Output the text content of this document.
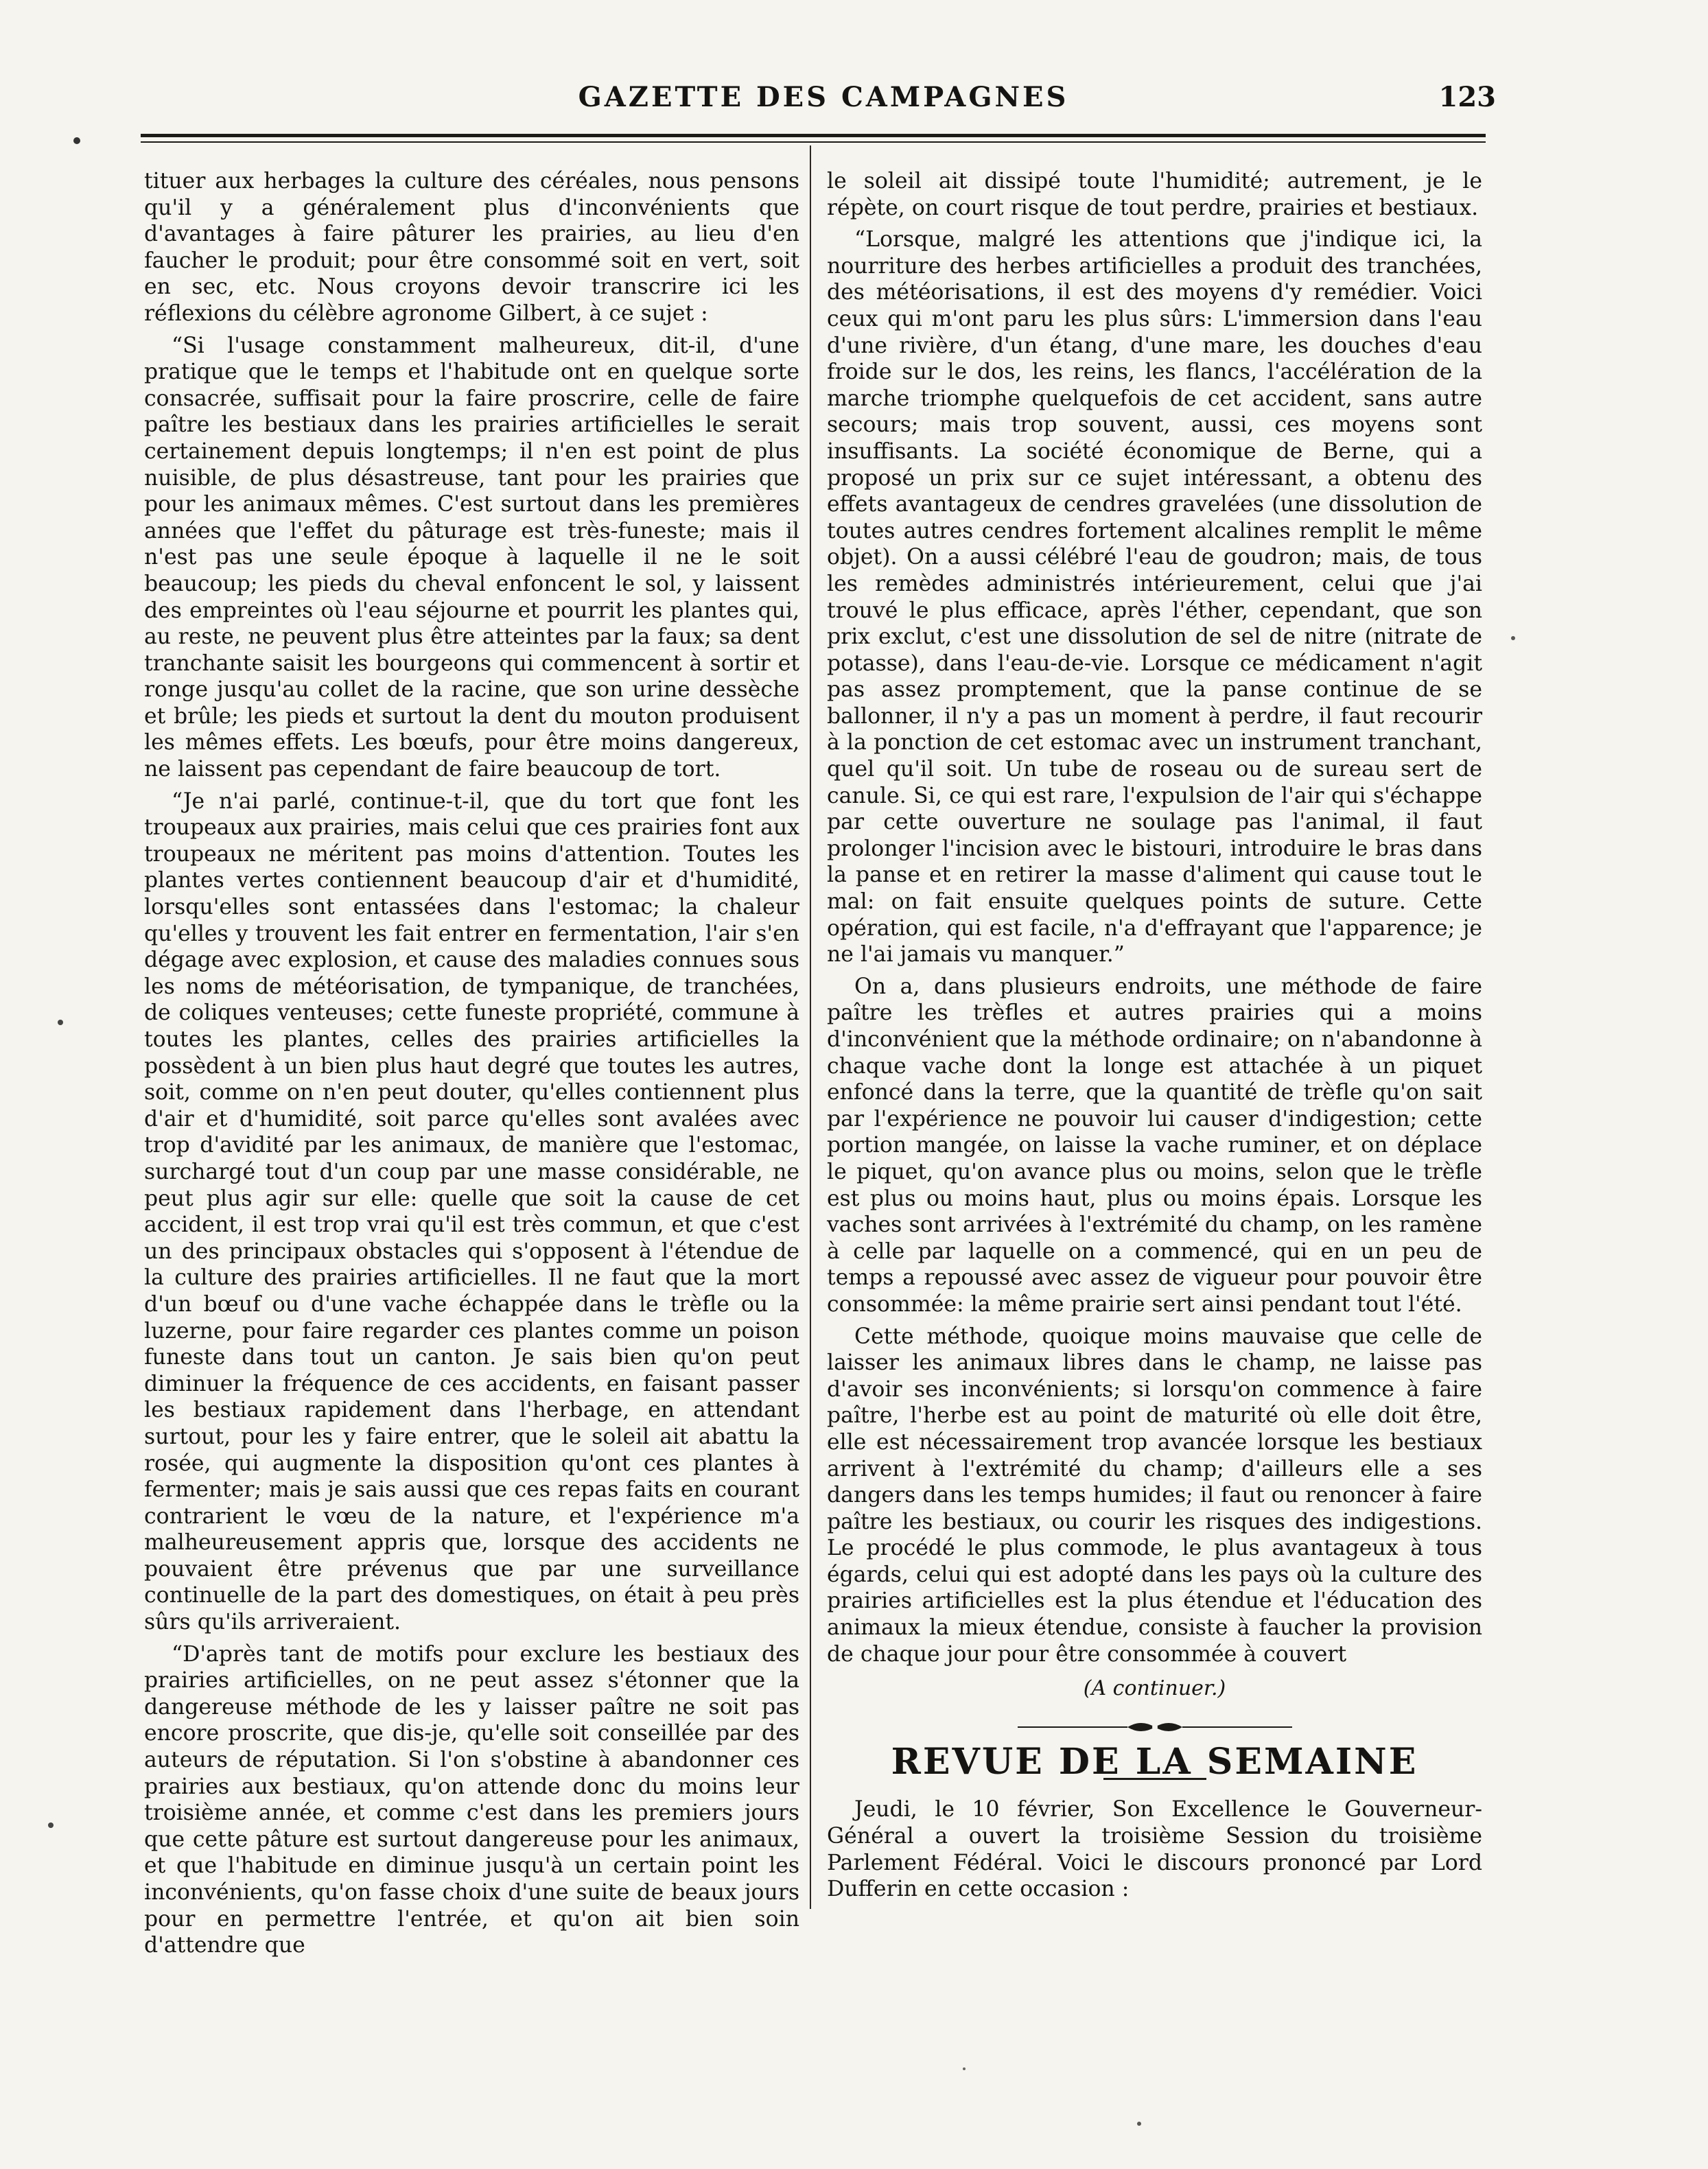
GAZETTE DES CAMPAGNES	123

tituer aux herbages la culture des céréales, nous pensons qu'il y a généralement plus d'inconvénients que d'avantages à faire pâturer les prairies, au lieu d'en faucher le produit; pour être consommé soit en vert, soit en sec, etc. Nous croyons devoir transcrire ici les réflexions du célèbre agronome Gilbert, à ce sujet :

“Si l'usage constamment malheureux, dit-il, d'une pratique que le temps et l'habitude ont en quelque sorte consacrée, suffisait pour la faire proscrire, celle de faire paître les bestiaux dans les prairies artificielles le serait certainement depuis longtemps; il n'en est point de plus nuisible, de plus désastreuse, tant pour les prairies que pour les animaux mêmes. C'est surtout dans les premières années que l'effet du pâturage est très-funeste; mais il n'est pas une seule époque à laquelle il ne le soit beaucoup; les pieds du cheval enfoncent le sol, y laissent des empreintes où l'eau séjourne et pourrit les plantes qui, au reste, ne peuvent plus être atteintes par la faux; sa dent tranchante saisit les bourgeons qui commencent à sortir et ronge jusqu'au collet de la racine, que son urine dessèche et brûle; les pieds et surtout la dent du mouton produisent les mêmes effets. Les bœufs, pour être moins dangereux, ne laissent pas cependant de faire beaucoup de tort.

“Je n'ai parlé, continue-t-il, que du tort que font les troupeaux aux prairies, mais celui que ces prairies font aux troupeaux ne méritent pas moins d'attention. Toutes les plantes vertes contiennent beaucoup d'air et d'humidité, lorsqu'elles sont entassées dans l'estomac; la chaleur qu'elles y trouvent les fait entrer en fermentation, l'air s'en dégage avec explosion, et cause des maladies connues sous les noms de météorisation, de tympanique, de tranchées, de coliques venteuses; cette funeste propriété, commune à toutes les plantes, celles des prairies artificielles la possèdent à un bien plus haut degré que toutes les autres, soit, comme on n'en peut douter, qu'elles contiennent plus d'air et d'humidité, soit parce qu'elles sont avalées avec trop d'avidité par les animaux, de manière que l'estomac, surchargé tout d'un coup par une masse considérable, ne peut plus agir sur elle: quelle que soit la cause de cet accident, il est trop vrai qu'il est très commun, et que c'est un des principaux obstacles qui s'opposent à l'étendue de la culture des prairies artificielles. Il ne faut que la mort d'un bœuf ou d'une vache échappée dans le trèfle ou la luzerne, pour faire regarder ces plantes comme un poison funeste dans tout un canton. Je sais bien qu'on peut diminuer la fréquence de ces accidents, en faisant passer les bestiaux rapidement dans l'herbage, en attendant surtout, pour les y faire entrer, que le soleil ait abattu la rosée, qui augmente la disposition qu'ont ces plantes à fermenter; mais je sais aussi que ces repas faits en courant contrarient le vœu de la nature, et l'expérience m'a malheureusement appris que, lorsque des accidents ne pouvaient être prévenus que par une surveillance continuelle de la part des domestiques, on était à peu près sûrs qu'ils arriveraient.

“D'après tant de motifs pour exclure les bestiaux des prairies artificielles, on ne peut assez s'étonner que la dangereuse méthode de les y laisser paître ne soit pas encore proscrite, que dis-je, qu'elle soit conseillée par des auteurs de réputation. Si l'on s'obstine à abandonner ces prairies aux bestiaux, qu'on attende donc du moins leur troisième année, et comme c'est dans les premiers jours que cette pâture est surtout dangereuse pour les animaux, et que l'habitude en diminue jusqu'à un certain point les inconvénients, qu'on fasse choix d'une suite de beaux jours pour en permettre l'entrée, et qu'on ait bien soin d'attendre que

le soleil ait dissipé toute l'humidité; autrement, je le répète, on court risque de tout perdre, prairies et bestiaux.

“Lorsque, malgré les attentions que j'indique ici, la nourriture des herbes artificielles a produit des tranchées, des météorisations, il est des moyens d'y remédier. Voici ceux qui m'ont paru les plus sûrs: L'immersion dans l'eau d'une rivière, d'un étang, d'une mare, les douches d'eau froide sur le dos, les reins, les flancs, l'accélération de la marche triomphe quelquefois de cet accident, sans autre secours; mais trop souvent, aussi, ces moyens sont insuffisants. La société économique de Berne, qui a proposé un prix sur ce sujet intéressant, a obtenu des effets avantageux de cendres gravelées (une dissolution de toutes autres cendres fortement alcalines remplit le même objet). On a aussi célébré l'eau de goudron; mais, de tous les remèdes administrés intérieurement, celui que j'ai trouvé le plus efficace, après l'éther, cependant, que son prix exclut, c'est une dissolution de sel de nitre (nitrate de potasse), dans l'eau-de-vie. Lorsque ce médicament n'agit pas assez promptement, que la panse continue de se ballonner, il n'y a pas un moment à perdre, il faut recourir à la ponction de cet estomac avec un instrument tranchant, quel qu'il soit. Un tube de roseau ou de sureau sert de canule. Si, ce qui est rare, l'expulsion de l'air qui s'échappe par cette ouverture ne soulage pas l'animal, il faut prolonger l'incision avec le bistouri, introduire le bras dans la panse et en retirer la masse d'aliment qui cause tout le mal: on fait ensuite quelques points de suture. Cette opération, qui est facile, n'a d'effrayant que l'apparence; je ne l'ai jamais vu manquer.”

On a, dans plusieurs endroits, une méthode de faire paître les trèfles et autres prairies qui a moins d'inconvénient que la méthode ordinaire; on n'abandonne à chaque vache dont la longe est attachée à un piquet enfoncé dans la terre, que la quantité de trèfle qu'on sait par l'expérience ne pouvoir lui causer d'indigestion; cette portion mangée, on laisse la vache ruminer, et on déplace le piquet, qu'on avance plus ou moins, selon que le trèfle est plus ou moins haut, plus ou moins épais. Lorsque les vaches sont arrivées à l'extrémité du champ, on les ramène à celle par laquelle on a commencé, qui en un peu de temps a repoussé avec assez de vigueur pour pouvoir être consommée: la même prairie sert ainsi pendant tout l'été.

Cette méthode, quoique moins mauvaise que celle de laisser les animaux libres dans le champ, ne laisse pas d'avoir ses inconvénients; si lorsqu'on commence à faire paître, l'herbe est au point de maturité où elle doit être, elle est nécessairement trop avancée lorsque les bestiaux arrivent à l'extrémité du champ; d'ailleurs elle a ses dangers dans les temps humides; il faut ou renoncer à faire paître les bestiaux, ou courir les risques des indigestions. Le procédé le plus commode, le plus avantageux à tous égards, celui qui est adopté dans les pays où la culture des prairies artificielles est la plus étendue et l'éducation des animaux la mieux étendue, consiste à faucher la provision de chaque jour pour être consommée à couvert

(A continuer.)
REVUE DE LA SEMAINE

Jeudi, le 10 février, Son Excellence le Gouverneur-Général a ouvert la troisième Session du troisième Parlement Fédéral. Voici le discours prononcé par Lord Dufferin en cette occasion :
